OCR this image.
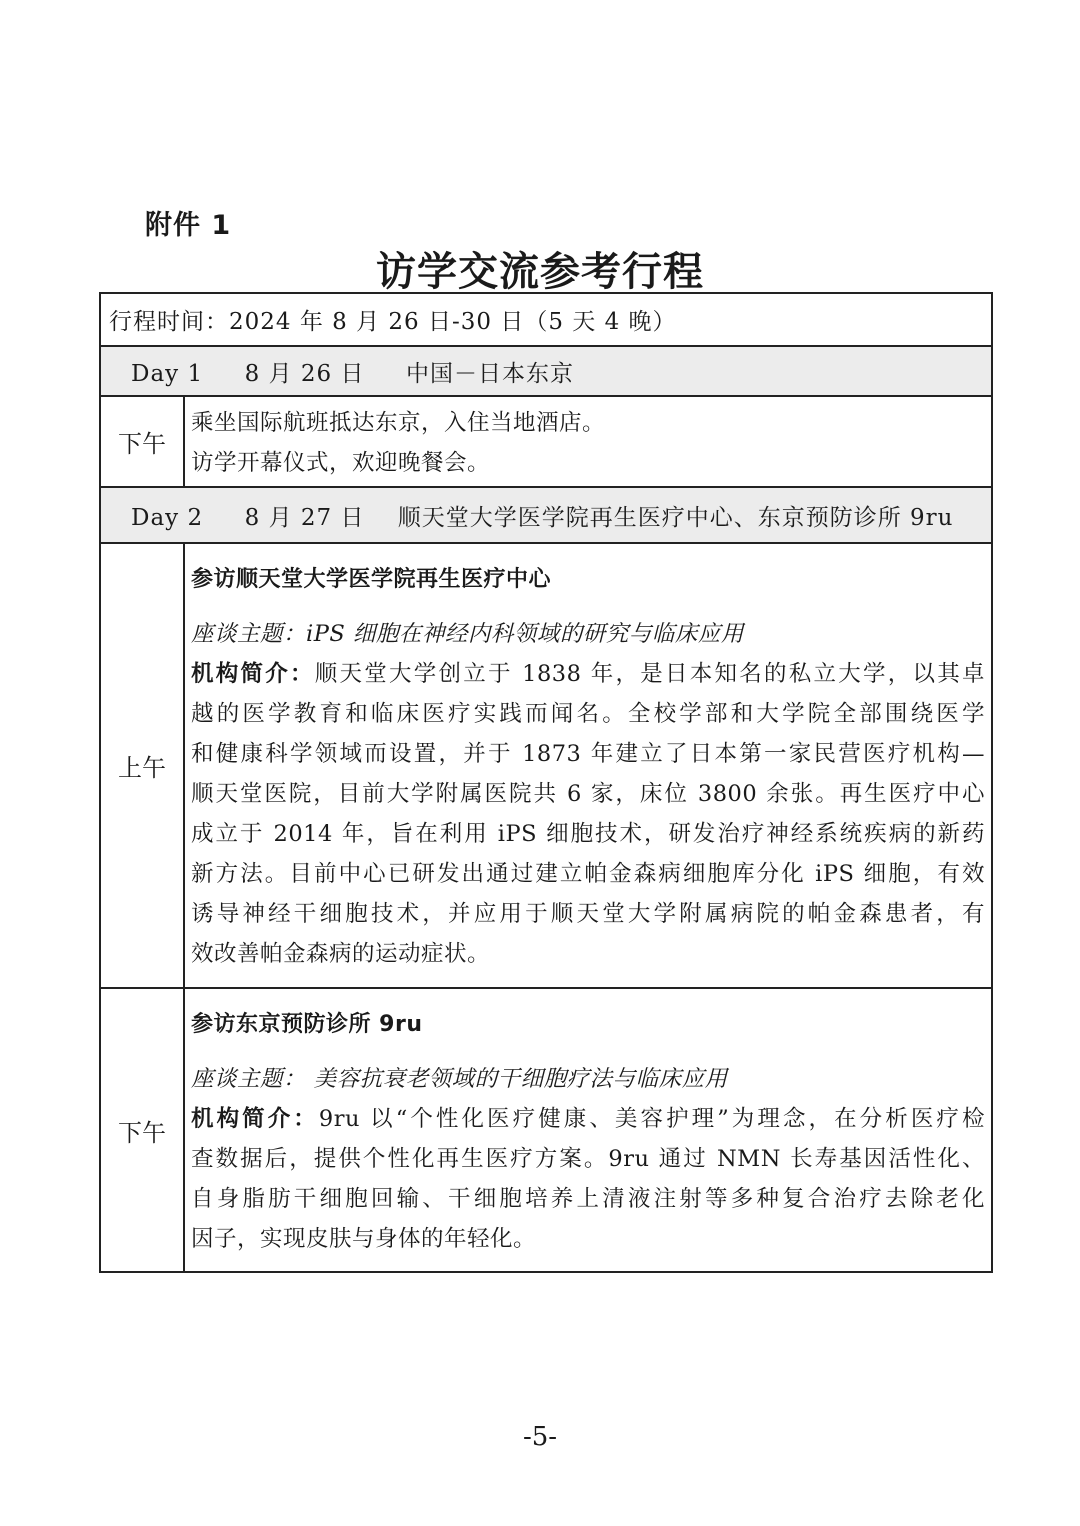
附件 1
访学交流参考行程
行程时间：2024 年 8 月 26 日-30 日（5 天 4 晚）
Day 1     8 月 26 日     中国－日本东京
下午
乘坐国际航班抵达东京，入住当地酒店。
访学开幕仪式，欢迎晚餐会。
Day 2     8 月 27 日    顺天堂大学医学院再生医疗中心、东京预防诊所 9ru
上午
参访顺天堂大学医学院再生医疗中心
座谈主题：iPS 细胞在神经内科领域的研究与临床应用
机构简介：顺天堂大学创立于 1838 年，是日本知名的私立大学，以其卓
越的医学教育和临床医疗实践而闻名。全校学部和大学院全部围绕医学
和健康科学领域而设置，并于 1873 年建立了日本第一家民营医疗机构—
顺天堂医院，目前大学附属医院共 6 家，床位 3800 余张。再生医疗中心
成立于 2014 年，旨在利用 iPS 细胞技术，研发治疗神经系统疾病的新药
新方法。目前中心已研发出通过建立帕金森病细胞库分化 iPS 细胞，有效
诱导神经干细胞技术，并应用于顺天堂大学附属病院的帕金森患者，有
效改善帕金森病的运动症状。
下午
参访东京预防诊所 9ru
座谈主题： 美容抗衰老领域的干细胞疗法与临床应用
机构简介：9ru 以“个性化医疗健康、美容护理”为理念，在分析医疗检
查数据后，提供个性化再生医疗方案。9ru 通过 NMN 长寿基因活性化、
自身脂肪干细胞回输、干细胞培养上清液注射等多种复合治疗去除老化
因子，实现皮肤与身体的年轻化。
-5-
